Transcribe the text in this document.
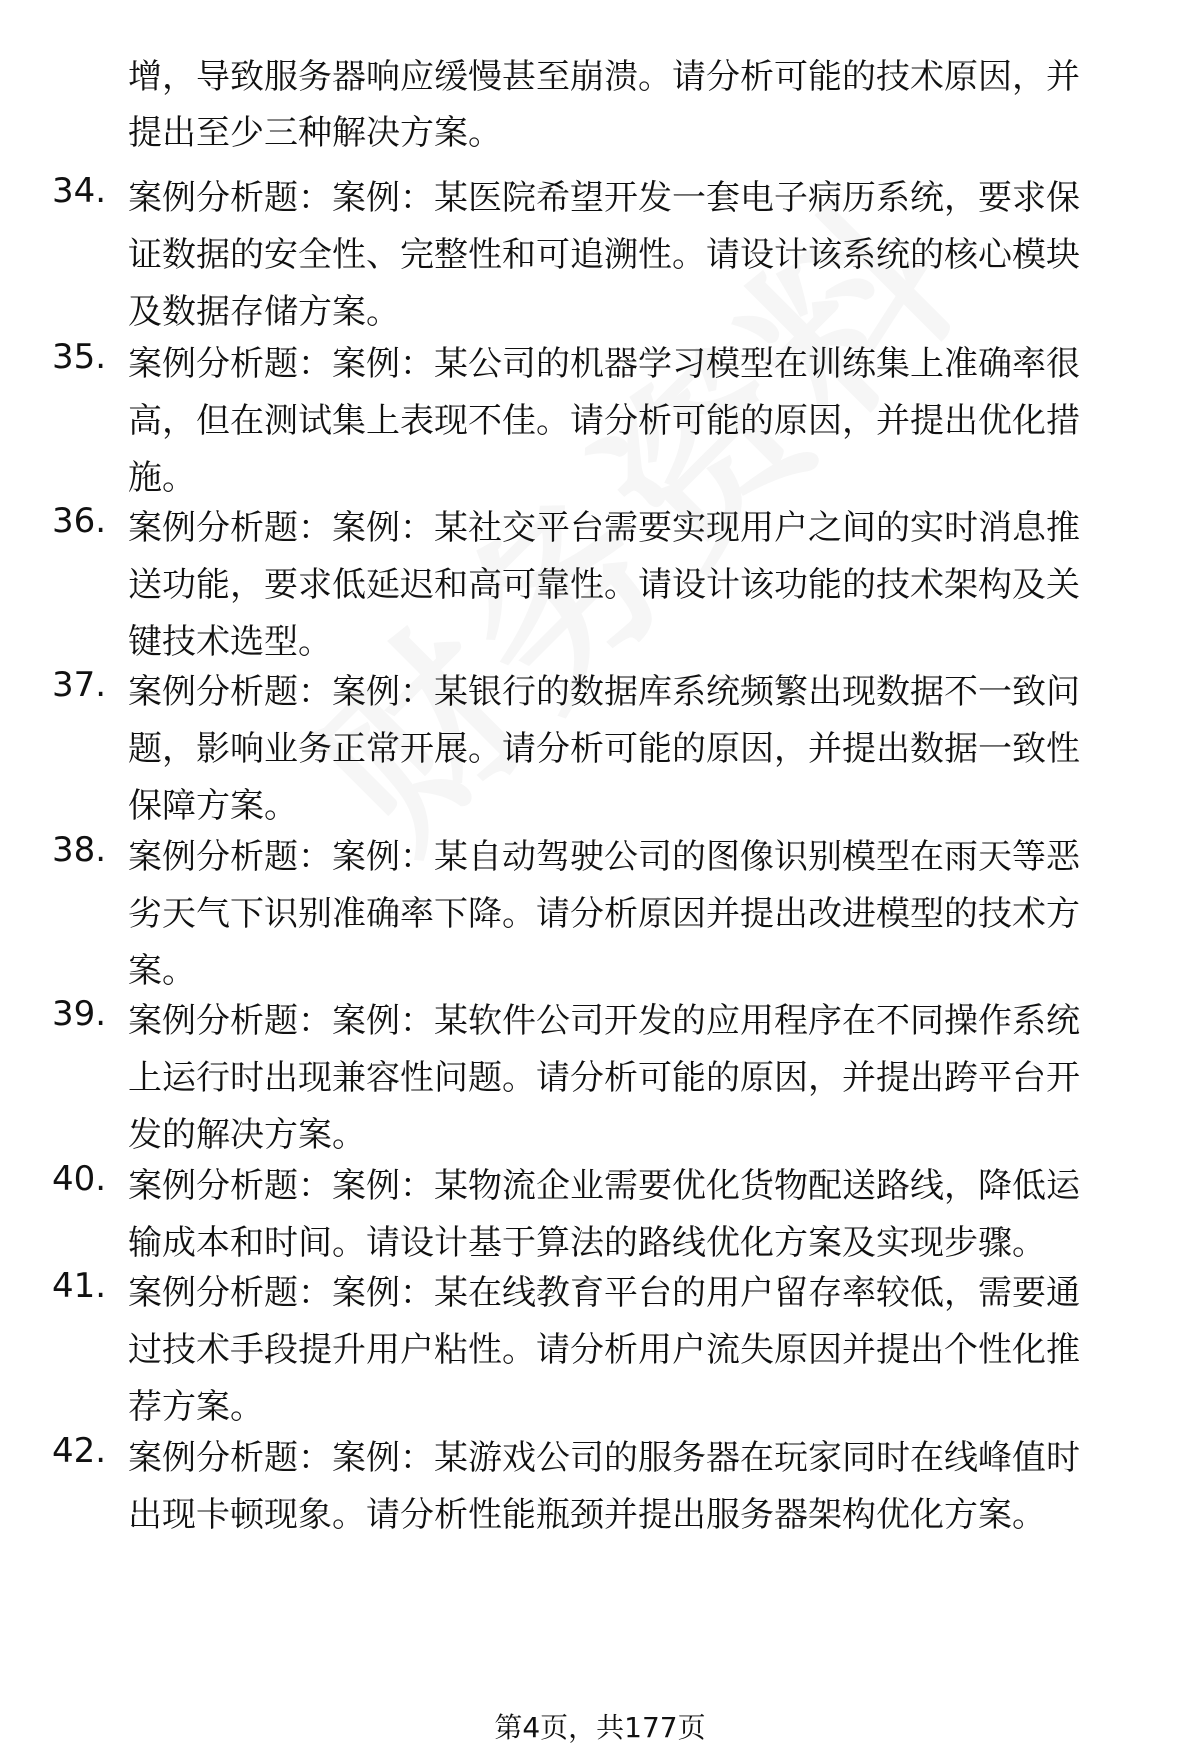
增，导致服务器响应缓慢甚至崩溃。请分析可能的技术原因，并
提出至少三种解决方案。
34. 案例分析题：案例：某医院希望开发一套电子病历系统，要求保
证数据的安全性、完整性和可追溯性。请设计该系统的核心模块
及数据存储方案。
35. 案例分析题：案例：某公司的机器学习模型在训练集上准确率很
高，但在测试集上表现不佳。请分析可能的原因，并提出优化措
施。
36. 案例分析题：案例：某社交平台需要实现用户之间的实时消息推
送功能，要求低延迟和高可靠性。请设计该功能的技术架构及关
键技术选型。
37. 案例分析题：案例：某银行的数据库系统频繁出现数据不一致问
题，影响业务正常开展。请分析可能的原因，并提出数据一致性
保障方案。
38. 案例分析题：案例：某自动驾驶公司的图像识别模型在雨天等恶
劣天气下识别准确率下降。请分析原因并提出改进模型的技术方
案。
39. 案例分析题：案例：某软件公司开发的应用程序在不同操作系统
上运行时出现兼容性问题。请分析可能的原因，并提出跨平台开
发的解决方案。
40. 案例分析题：案例：某物流企业需要优化货物配送路线，降低运
输成本和时间。请设计基于算法的路线优化方案及实现步骤。
41. 案例分析题：案例：某在线教育平台的用户留存率较低，需要通
过技术手段提升用户粘性。请分析用户流失原因并提出个性化推
荐方案。
42. 案例分析题：案例：某游戏公司的服务器在玩家同时在线峰值时
出现卡顿现象。请分析性能瓶颈并提出服务器架构优化方案。
第4页，共177页
